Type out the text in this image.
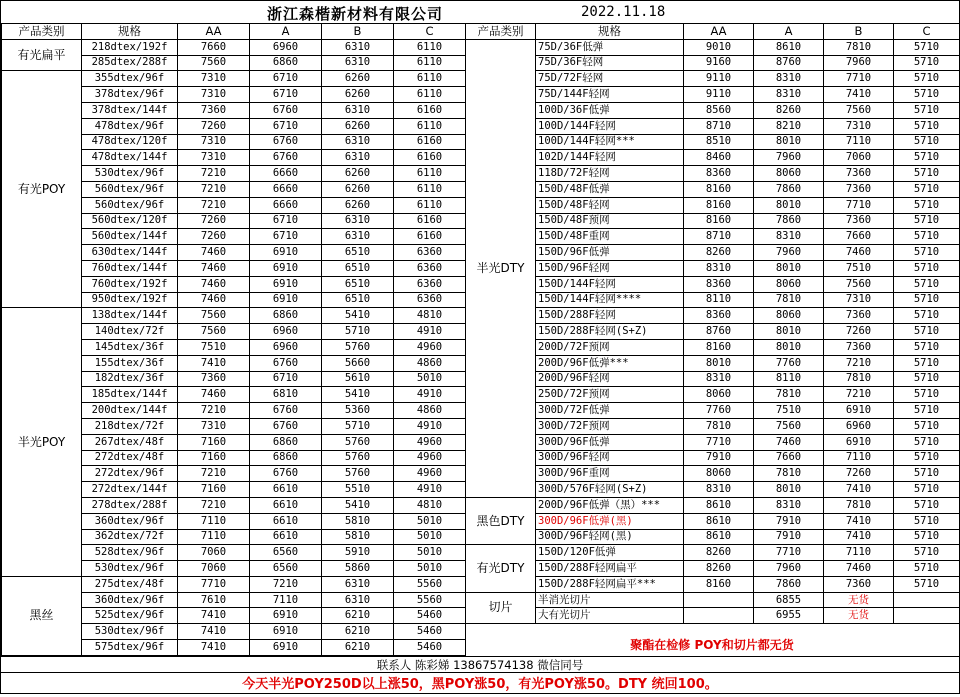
浙江森楷新材料有限公司	2022.11.18
产品类别	规格	AA	A	B	C
有光扁平	218dtex/192f	7660	6960	6310	6110
	285dtex/288f	7560	6860	6310	6110
有光POY	355dtex/96f	7310	6710	6260	6110
	378dtex/96f	7310	6710	6260	6110
	378dtex/144f	7360	6760	6310	6160
	478dtex/96f	7260	6710	6260	6110
	478dtex/120f	7310	6760	6310	6160
	478dtex/144f	7310	6760	6310	6160
	530dtex/96f	7210	6660	6260	6110
	560dtex/96f	7210	6660	6260	6110
	560dtex/96f	7210	6660	6260	6110
	560dtex/120f	7260	6710	6310	6160
	560dtex/144f	7260	6710	6310	6160
	630dtex/144f	7460	6910	6510	6360
	760dtex/144f	7460	6910	6510	6360
	760dtex/192f	7460	6910	6510	6360
	950dtex/192f	7460	6910	6510	6360
半光POY	138dtex/144f	7560	6860	5410	4810
	140dtex/72f	7560	6960	5710	4910
	145dtex/36f	7510	6960	5760	4960
	155dtex/36f	7410	6760	5660	4860
	182dtex/36f	7360	6710	5610	5010
	185dtex/144f	7460	6810	5410	4910
	200dtex/144f	7210	6760	5360	4860
	218dtex/72f	7310	6760	5710	4910
	267dtex/48f	7160	6860	5760	4960
	272dtex/48f	7160	6860	5760	4960
	272dtex/96f	7210	6760	5760	4960
	272dtex/144f	7160	6610	5510	4910
	278dtex/288f	7210	6610	5410	4810
	360dtex/96f	7110	6610	5810	5010
	362dtex/72f	7110	6610	5810	5010
	528dtex/96f	7060	6560	5910	5010
	530dtex/96f	7060	6560	5860	5010
黑丝	275dtex/48f	7710	7210	6310	5560
	360dtex/96f	7610	7110	6310	5560
	525dtex/96f	7410	6910	6210	5460
	530dtex/96f	7410	6910	6210	5460
	575dtex/96f	7410	6910	6210	5460
产品类别	规格	AA	A	B	C
半光DTY	75D/36F低弹	9010	8610	7810	5710
	75D/36F轻网	9160	8760	7960	5710
	75D/72F轻网	9110	8310	7710	5710
	75D/144F轻网	9110	8310	7410	5710
	100D/36F低弹	8560	8260	7560	5710
	100D/144F轻网	8710	8210	7310	5710
	100D/144F轻网***	8510	8010	7110	5710
	102D/144F轻网	8460	7960	7060	5710
	118D/72F轻网	8360	8060	7360	5710
	150D/48F低弹	8160	7860	7360	5710
	150D/48F轻网	8160	8010	7710	5710
	150D/48F预网	8160	7860	7360	5710
	150D/48F重网	8710	8310	7660	5710
	150D/96F低弹	8260	7960	7460	5710
	150D/96F轻网	8310	8010	7510	5710
	150D/144F轻网	8360	8060	7560	5710
	150D/144F轻网****	8110	7810	7310	5710
	150D/288F轻网	8360	8060	7360	5710
	150D/288F轻网(S+Z)	8760	8010	7260	5710
	200D/72F预网	8160	8010	7360	5710
	200D/96F低弹***	8010	7760	7210	5710
	200D/96F轻网	8310	8110	7810	5710
	250D/72F预网	8060	7810	7210	5710
	300D/72F低弹	7760	7510	6910	5710
	300D/72F预网	7810	7560	6960	5710
	300D/96F低弹	7710	7460	6910	5710
	300D/96F轻网	7910	7660	7110	5710
	300D/96F重网	8060	7810	7260	5710
	300D/576F轻网(S+Z)	8310	8010	7410	5710
黑色DTY	200D/96F低弹（黑）***	8610	8310	7810	5710
	300D/96F低弹(黑)	8610	7910	7410	5710
	300D/96F轻网(黑)	8610	7910	7410	5710
有光DTY	150D/120F低弹	8260	7710	7110	5710
	150D/288F轻网扁平	8260	7960	7460	5710
	150D/288F轻网扁平***	8160	7860	7360	5710
切片	半消光切片		6855	无货	
	大有光切片		6955	无货	
聚酯在检修 POY和切片都无货
联系人 陈彩娣 13867574138 微信同号
今天半光POY250D以上涨50，黑POY涨50，有光POY涨50。DTY 统回100。
